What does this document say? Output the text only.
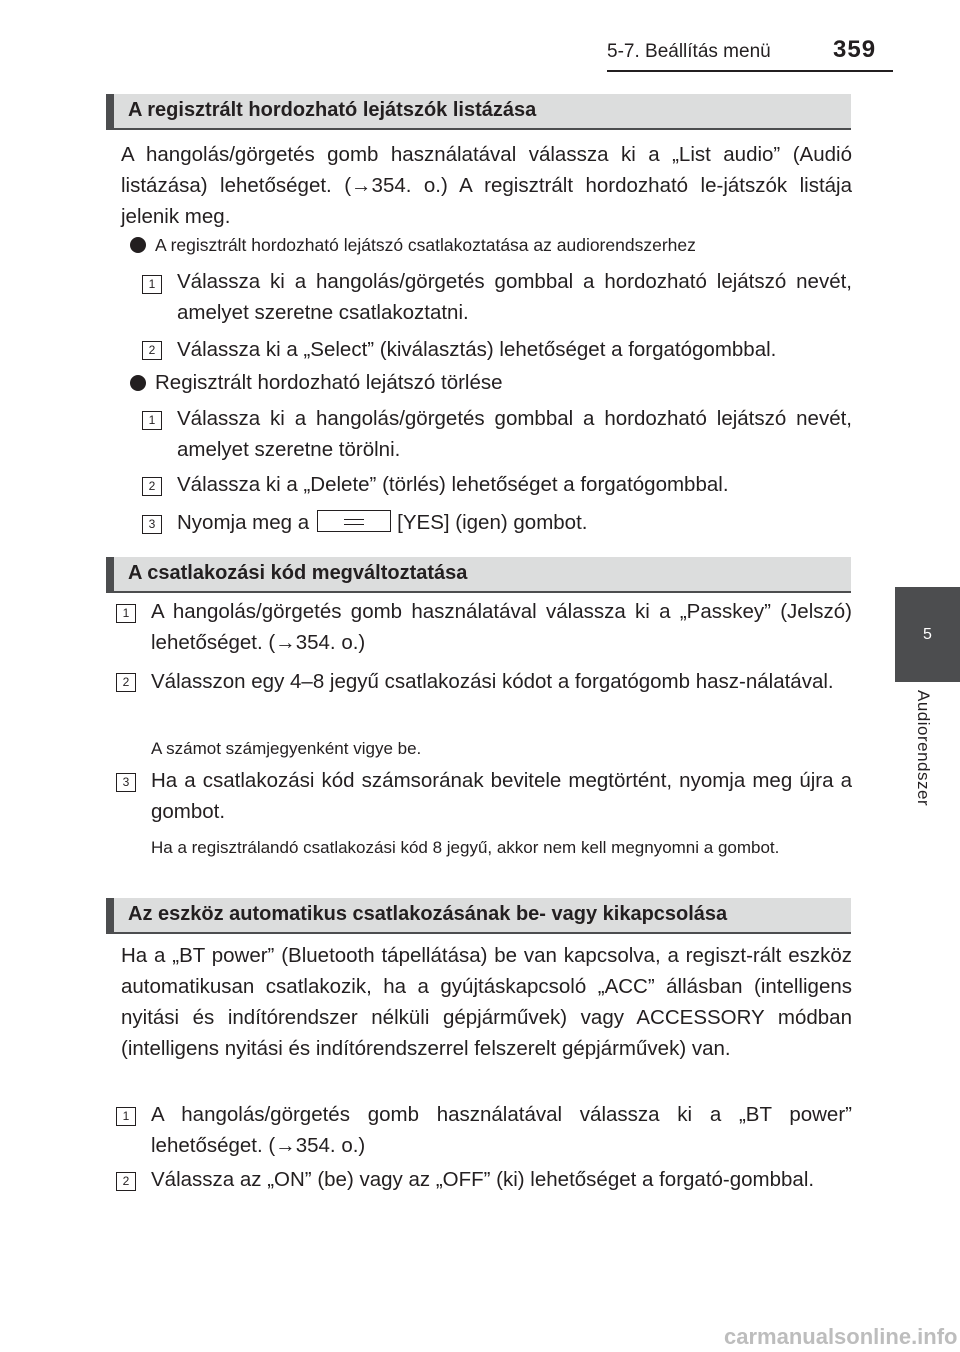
5-7. Beállítás menü	359
5
Audiorendszer
A regisztrált hordozható lejátszók listázása
A hangolás/görgetés gomb használatával válassza ki a „List audio” (Audió listázása) lehetőséget. (→354. o.) A regisztrált hordozható le-játszók listája jelenik meg.
A regisztrált hordozható lejátszó csatlakoztatása az audiorendszerhez
1	Válassza ki a hangolás/görgetés gombbal a hordozható lejátszó nevét, amelyet szeretne csatlakoztatni.
2	Válassza ki a „Select” (kiválasztás) lehetőséget a forgatógombbal.
Regisztrált hordozható lejátszó törlése
1	Válassza ki a hangolás/görgetés gombbal a hordozható lejátszó nevét, amelyet szeretne törölni.
2	Válassza ki a „Delete” (törlés) lehetőséget a forgatógombbal.
3	Nyomja meg a	[YES] (igen) gombot.
A csatlakozási kód megváltoztatása
1	A hangolás/görgetés gomb használatával válassza ki a „Passkey” (Jelszó) lehetőséget. (→354. o.)
2	Válasszon egy 4–8 jegyű csatlakozási kódot a forgatógomb hasz-nálatával.
A számot számjegyenként vigye be.
3	Ha a csatlakozási kód számsorának bevitele megtörtént, nyomja meg újra a gombot.
Ha a regisztrálandó csatlakozási kód 8 jegyű, akkor nem kell megnyomni a gombot.
Az eszköz automatikus csatlakozásának be- vagy kikapcsolása
Ha a „BT power” (Bluetooth tápellátása) be van kapcsolva, a regiszt-rált eszköz automatikusan csatlakozik, ha a gyújtáskapcsoló „ACC” állásban (intelligens nyitási és indítórendszer nélküli gépjárművek) vagy ACCESSORY módban (intelligens nyitási és indítórendszerrel felszerelt gépjárművek) van.
1	A hangolás/görgetés gomb használatával válassza ki a „BT power” lehetőséget. (→354. o.)
2	Válassza az „ON” (be) vagy az „OFF” (ki) lehetőséget a forgató-gombbal.
carmanualsonline.info
